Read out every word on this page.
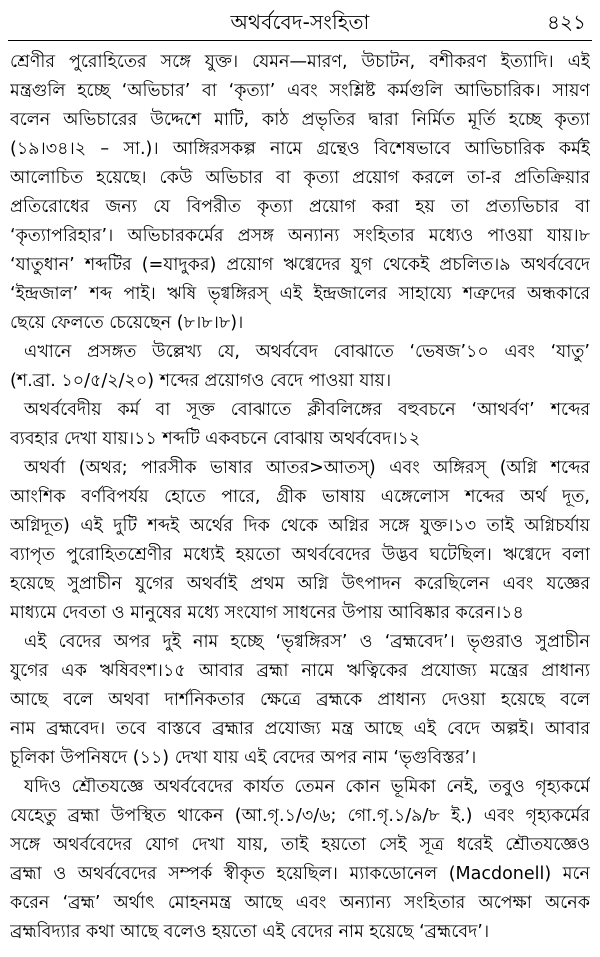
অথর্ববেদ-সংহিতা	৪২১
শ্রেণীর পুরোহিতের সঙ্গে যুক্ত। যেমন—মারণ, উচাটন, বশীকরণ ইত্যাদি। এই
মন্ত্রগুলি হচ্ছে ‘অভিচার’ বা ‘কৃত্যা’ এবং সংশ্লিষ্ট কর্মগুলি আভিচারিক। সায়ণ
বলেন অভিচারের উদ্দেশে মাটি, কাঠ প্রভৃতির দ্বারা নির্মিত মূর্তি হচ্ছে কৃত্যা
(১৯।৩৪।২ – সা.)। আঙ্গিরসকল্প নামে গ্রন্থেও বিশেষভাবে আভিচারিক কর্মই
আলোচিত হয়েছে। কেউ অভিচার বা কৃত্যা প্রয়োগ করলে তা-র প্রতিক্রিয়ার
প্রতিরোধের জন্য যে বিপরীত কৃত্যা প্রয়োগ করা হয় তা প্রত্যভিচার বা
‘কৃত্যাপরিহার’। অভিচারকর্মের প্রসঙ্গ অন্যান্য সংহিতার মধ্যেও পাওয়া যায়।৮
‘যাতুধান’ শব্দটির (=যাদুকর) প্রয়োগ ঋগ্বেদের যুগ থেকেই প্রচলিত।৯ অথর্ববেদে
‘ইন্দ্রজাল’ শব্দ পাই। ঋষি ভৃগ্বঙ্গিরস্ এই ইন্দ্রজালের সাহায্যে শত্রুদের অন্ধকারে
ছেয়ে ফেলতে চেয়েছেন (৮।৮।৮)।
এখানে প্রসঙ্গত উল্লেখ্য যে, অথর্ববেদ বোঝাতে ‘ভেষজ’১০ এবং ‘যাতু’
(শ.ব্রা. ১০/৫/২/২০) শব্দের প্রয়োগও বেদে পাওয়া যায়।
অথর্ববেদীয় কর্ম বা সূক্ত বোঝাতে ক্লীবলিঙ্গের বহুবচনে ‘আথর্বণ’ শব্দের
ব্যবহার দেখা যায়।১১ শব্দটি একবচনে বোঝায় অথর্ববেদ।১২
অথর্বা (অথর; পারসীক ভাষার আতর>আতস্) এবং অঙ্গিরস্ (অগ্নি শব্দের
আংশিক বর্ণবিপর্যয় হোতে পারে, গ্রীক ভাষায় এঙ্গেলোস শব্দের অর্থ দূত,
অগ্নিদূত) এই দুটি শব্দই অর্থের দিক থেকে অগ্নির সঙ্গে যুক্ত।১৩ তাই অগ্নিচর্যায়
ব্যাপৃত পুরোহিতশ্রেণীর মধ্যেই হয়তো অথর্ববেদের উদ্ভব ঘটেছিল। ঋগ্বেদে বলা
হয়েছে সুপ্রাচীন যুগের অথর্বাই প্রথম অগ্নি উৎপাদন করেছিলেন এবং যজ্ঞের
মাধ্যমে দেবতা ও মানুষের মধ্যে সংযোগ সাধনের উপায় আবিষ্কার করেন।১৪
এই বেদের অপর দুই নাম হচ্ছে ‘ভৃগ্বঙ্গিরস’ ও ‘ব্রহ্মবেদ’। ভৃগুরাও সুপ্রাচীন
যুগের এক ঋষিবংশ।১৫ আবার ব্রহ্মা নামে ঋত্বিকের প্রযোজ্য মন্ত্রের প্রাধান্য
আছে বলে অথবা দার্শনিকতার ক্ষেত্রে ব্রহ্মকে প্রাধান্য দেওয়া হয়েছে বলে
নাম ব্রহ্মবেদ। তবে বাস্তবে ব্রহ্মার প্রযোজ্য মন্ত্র আছে এই বেদে অল্পই। আবার
চূলিকা উপনিষদে (১১) দেখা যায় এই বেদের অপর নাম ‘ভৃগুবিস্তর’।
যদিও শ্রৌতযজ্ঞে অথর্ববেদের কার্যত তেমন কোন ভূমিকা নেই, তবুও গৃহ্যকর্মে
যেহেতু ব্রহ্মা উপস্থিত থাকেন (আ.গৃ.১/৩/৬; গো.গৃ.১/৯/৮ ই.) এবং গৃহ্যকর্মের
সঙ্গে অথর্ববেদের যোগ দেখা যায়, তাই হয়তো সেই সূত্র ধরেই শ্রৌতযজ্ঞেও
ব্রহ্মা ও অথর্ববেদের সম্পর্ক স্বীকৃত হয়েছিল। ম্যাকডোনেল (Macdonell) মনে
করেন ‘ব্রহ্ম’ অর্থাৎ মোহনমন্ত্র আছে এবং অন্যান্য সংহিতার অপেক্ষা অনেক
ব্রহ্মবিদ্যার কথা আছে বলেও হয়তো এই বেদের নাম হয়েছে ‘ব্রহ্মবেদ’।
